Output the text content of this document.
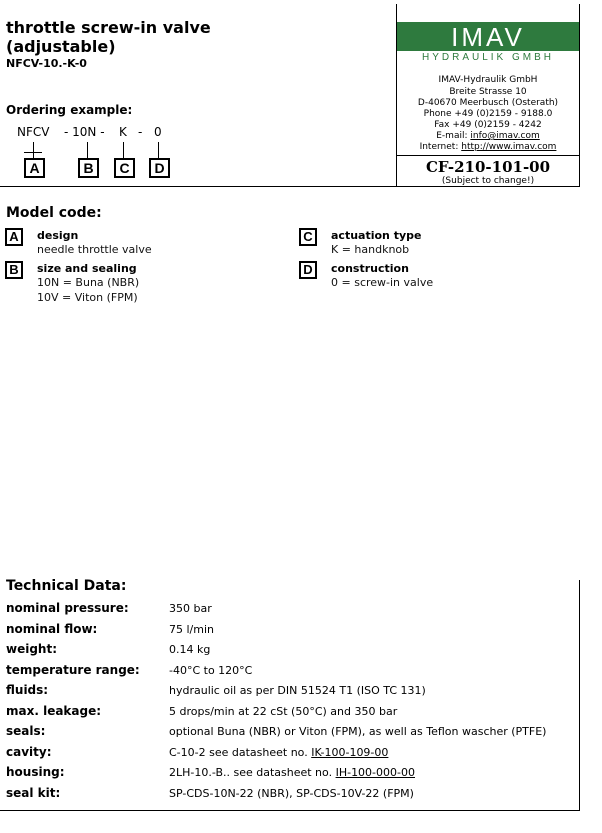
throttle screw-in valve
(adjustable)
NFCV-10.-K-0
Ordering example:
NFCV - 10N - K - 0
A	B	C	D
IMAV
HYDRAULIK GMBH
IMAV-Hydraulik GmbH
Breite Strasse 10
D-40670 Meerbusch (Osterath)
Phone +49 (0)2159 - 9188.0
Fax +49 (0)2159 - 4242
E-mail: info@imav.com
Internet: http://www.imav.com
CF-210-101-00
(Subject to change!)
Model code:
A	design
needle throttle valve
B	size and sealing
10N = Buna (NBR)
10V = Viton (FPM)
C	actuation type
K = handknob
D	construction
0 = screw-in valve
Technical Data:
nominal pressure:	350 bar
nominal flow:	75 l/min
weight:	0.14 kg
temperature range:	-40°C to 120°C
fluids:	hydraulic oil as per DIN 51524 T1 (ISO TC 131)
max. leakage:	5 drops/min at 22 cSt (50°C) and 350 bar
seals:	optional Buna (NBR) or Viton (FPM), as well as Teflon wascher (PTFE)
cavity:	C-10-2 see datasheet no. IK-100-109-00
housing:	2LH-10.-B.. see datasheet no. IH-100-000-00
seal kit:	SP-CDS-10N-22 (NBR), SP-CDS-10V-22 (FPM)
